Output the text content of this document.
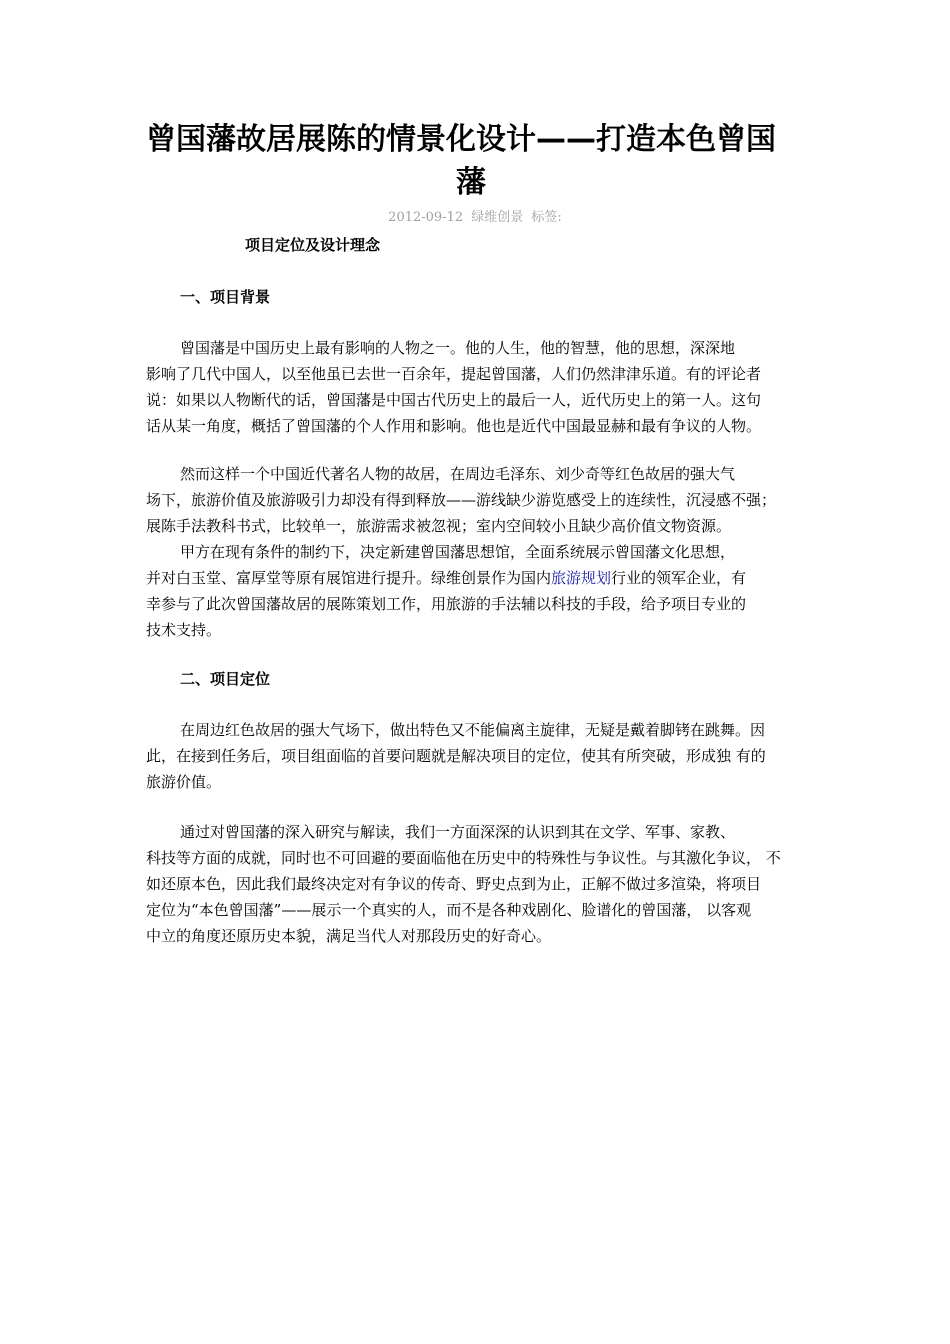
曾国藩故居展陈的情景化设计——打造本色曾国
藩
2012-09-12 绿维创景 标签:
项目定位及设计理念
一、项目背景

曾国藩是中国历史上最有影响的人物之一。他的人生，他的智慧，他的思想，深深地
影响了几代中国人，以至他虽已去世一百余年，提起曾国藩，人们仍然津津乐道。有的评论者
说：如果以人物断代的话，曾国藩是中国古代历史上的最后一人，近代历史上的第一人。这句
话从某一角度，概括了曾国藩的个人作用和影响。他也是近代中国最显赫和最有争议的人物。

然而这样一个中国近代著名人物的故居，在周边毛泽东、刘少奇等红色故居的强大气
场下，旅游价值及旅游吸引力却没有得到释放——游线缺少游览感受上的连续性，沉浸感不强；
展陈手法教科书式，比较单一，旅游需求被忽视；室内空间较小且缺少高价值文物资源。

甲方在现有条件的制约下，决定新建曾国藩思想馆，全面系统展示曾国藩文化思想，
并对白玉堂、富厚堂等原有展馆进行提升。绿维创景作为国内旅游规划行业的领军企业，有
幸参与了此次曾国藩故居的展陈策划工作，用旅游的手法辅以科技的手段，给予项目专业的
技术支持。

二、项目定位

在周边红色故居的强大气场下，做出特色又不能偏离主旋律，无疑是戴着脚铐在跳舞。因
此，在接到任务后，项目组面临的首要问题就是解决项目的定位，使其有所突破，形成独 有的
旅游价值。

通过对曾国藩的深入研究与解读，我们一方面深深的认识到其在文学、军事、家教、
科技等方面的成就，同时也不可回避的要面临他在历史中的特殊性与争议性。与其激化争议， 不
如还原本色，因此我们最终决定对有争议的传奇、野史点到为止，正解不做过多渲染，将项目
定位为“本色曾国藩”——展示一个真实的人，而不是各种戏剧化、脸谱化的曾国藩， 以客观
中立的角度还原历史本貌，满足当代人对那段历史的好奇心。
